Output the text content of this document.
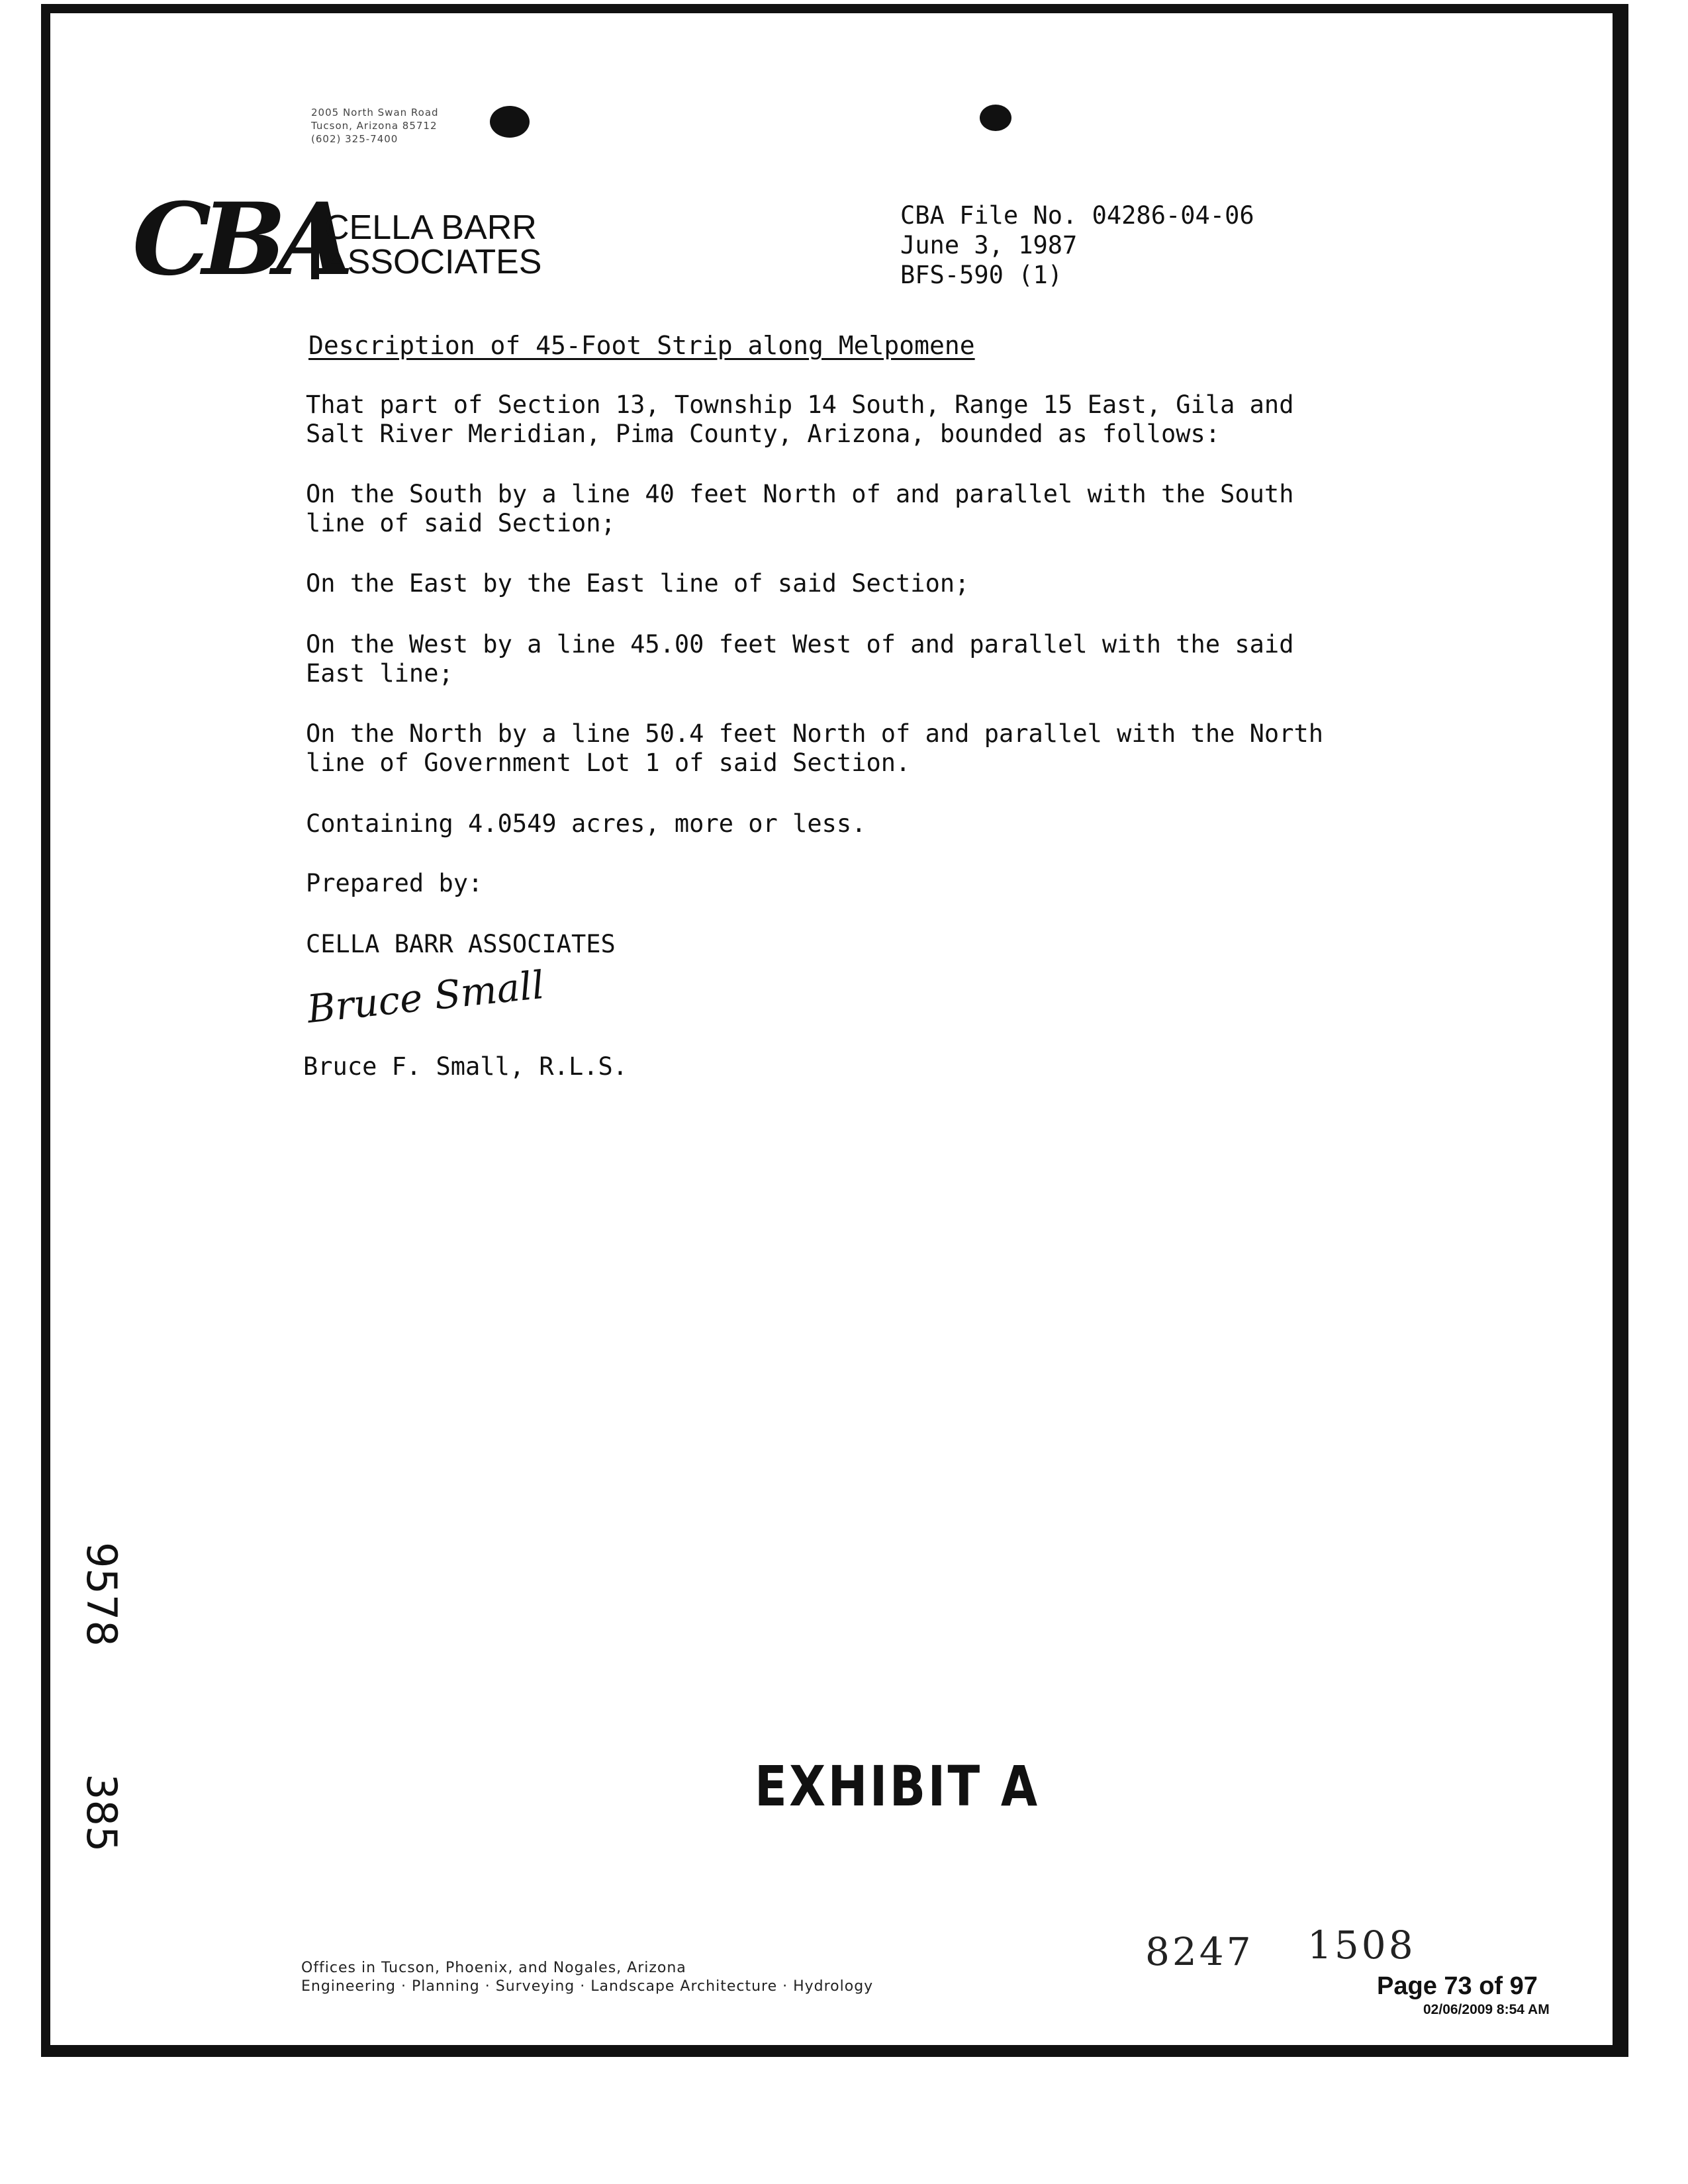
2005 North Swan Road
Tucson, Arizona 85712
(602) 325-7400
CBA
CELLA BARR
ASSOCIATES
CBA File No. 04286-04-06
June 3, 1987
BFS-590 (1)
Description of 45-Foot Strip along Melpomene
That part of Section 13, Township 14 South, Range 15 East, Gila and
Salt River Meridian, Pima County, Arizona, bounded as follows:
On the South by a line 40 feet North of and parallel with the South
line of said Section;
On the East by the East line of said Section;
On the West by a line 45.00 feet West of and parallel with the said
East line;
On the North by a line 50.4 feet North of and parallel with the North
line of Government Lot 1 of said Section.
Containing 4.0549 acres, more or less.
Prepared by:
CELLA BARR ASSOCIATES
Bruce Small
Bruce F. Small, R.L.S.
9578
385	EXHIBIT A
Offices in Tucson, Phoenix, and Nogales, Arizona
Engineering · Planning · Surveying · Landscape Architecture · Hydrology
8247 1508
Page 73 of 97
02/06/2009 8:54 AM
